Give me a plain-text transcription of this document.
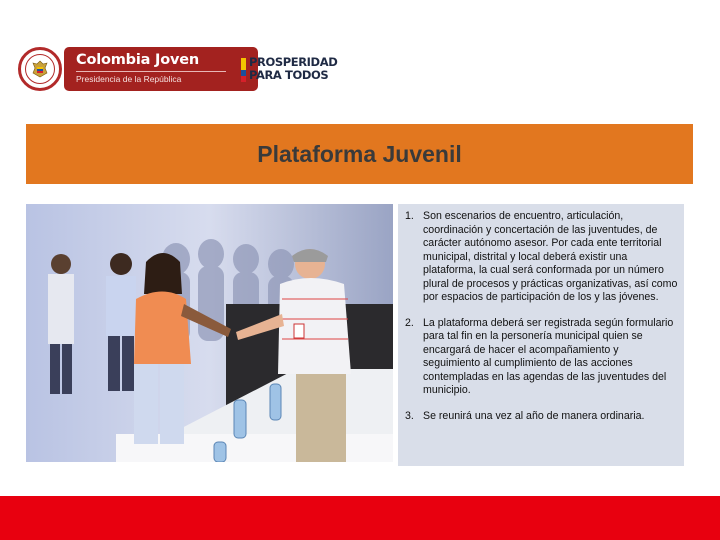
Colombia Joven
Presidencia de la República
PROSPERIDAD
PARA TODOS
Plataforma Juvenil
1. Son escenarios de encuentro, articulación, coordinación y concertación de las juventudes, de carácter autónomo asesor. Por cada ente territorial municipal, distrital y local deberá existir una plataforma, la cual será conformada por un número plural de procesos y prácticas organizativas, así como por espacios de participación de los y las jóvenes.
2. La plataforma deberá ser registrada según formulario para tal fin en la personería municipal quien se encargará de hacer el acompañamiento y seguimiento al cumplimiento de las acciones contempladas en las agendas de las juventudes del municipio.
3. Se reunirá una vez al año de manera ordinaria.
